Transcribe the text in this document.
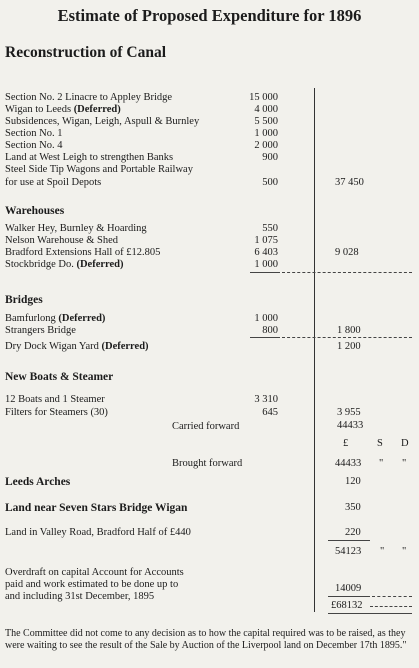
Estimate of Proposed Expenditure for 1896
Reconstruction of Canal
Section No. 2 Linacre to Appley Bridge	15 000
Wigan to Leeds (Deferred)	4 000
Subsidences, Wigan, Leigh, Aspull & Burnley	5 500
Section No. 1	1 000
Section No. 4	2 000
Land at West Leigh to strengthen Banks	900
Steel Side Tip Wagons and Portable Railway
for use at Spoil Depots	500	37 450
Warehouses
Walker Hey, Burnley & Hoarding	550
Nelson Warehouse & Shed	1 075
Bradford Extensions Hall of £12.805	6 403	9 028
Stockbridge Do. (Deferred)	1 000
Bridges
Bamfurlong (Deferred)	1 000
Strangers Bridge	800	1 800
Dry Dock Wigan Yard (Deferred)	1 200
New Boats & Steamer
12 Boats and 1 Steamer	3 310
Filters for Steamers (30)	645	3 955
Carried forward	44433
£	S D
Brought forward	44433 " "
Leeds Arches	120
Land near Seven Stars Bridge Wigan	350
Land in Valley Road, Bradford Half of £440	220
54123 " "
Overdraft on capital Account for Accounts
paid and work estimated to be done up to
and including 31st December, 1895
14009
£68132
The Committee did not come to any decision as to how the capital required was to be raised, as they were waiting to see the result of the Sale by Auction of the Liverpool land on December 17th 1895."
